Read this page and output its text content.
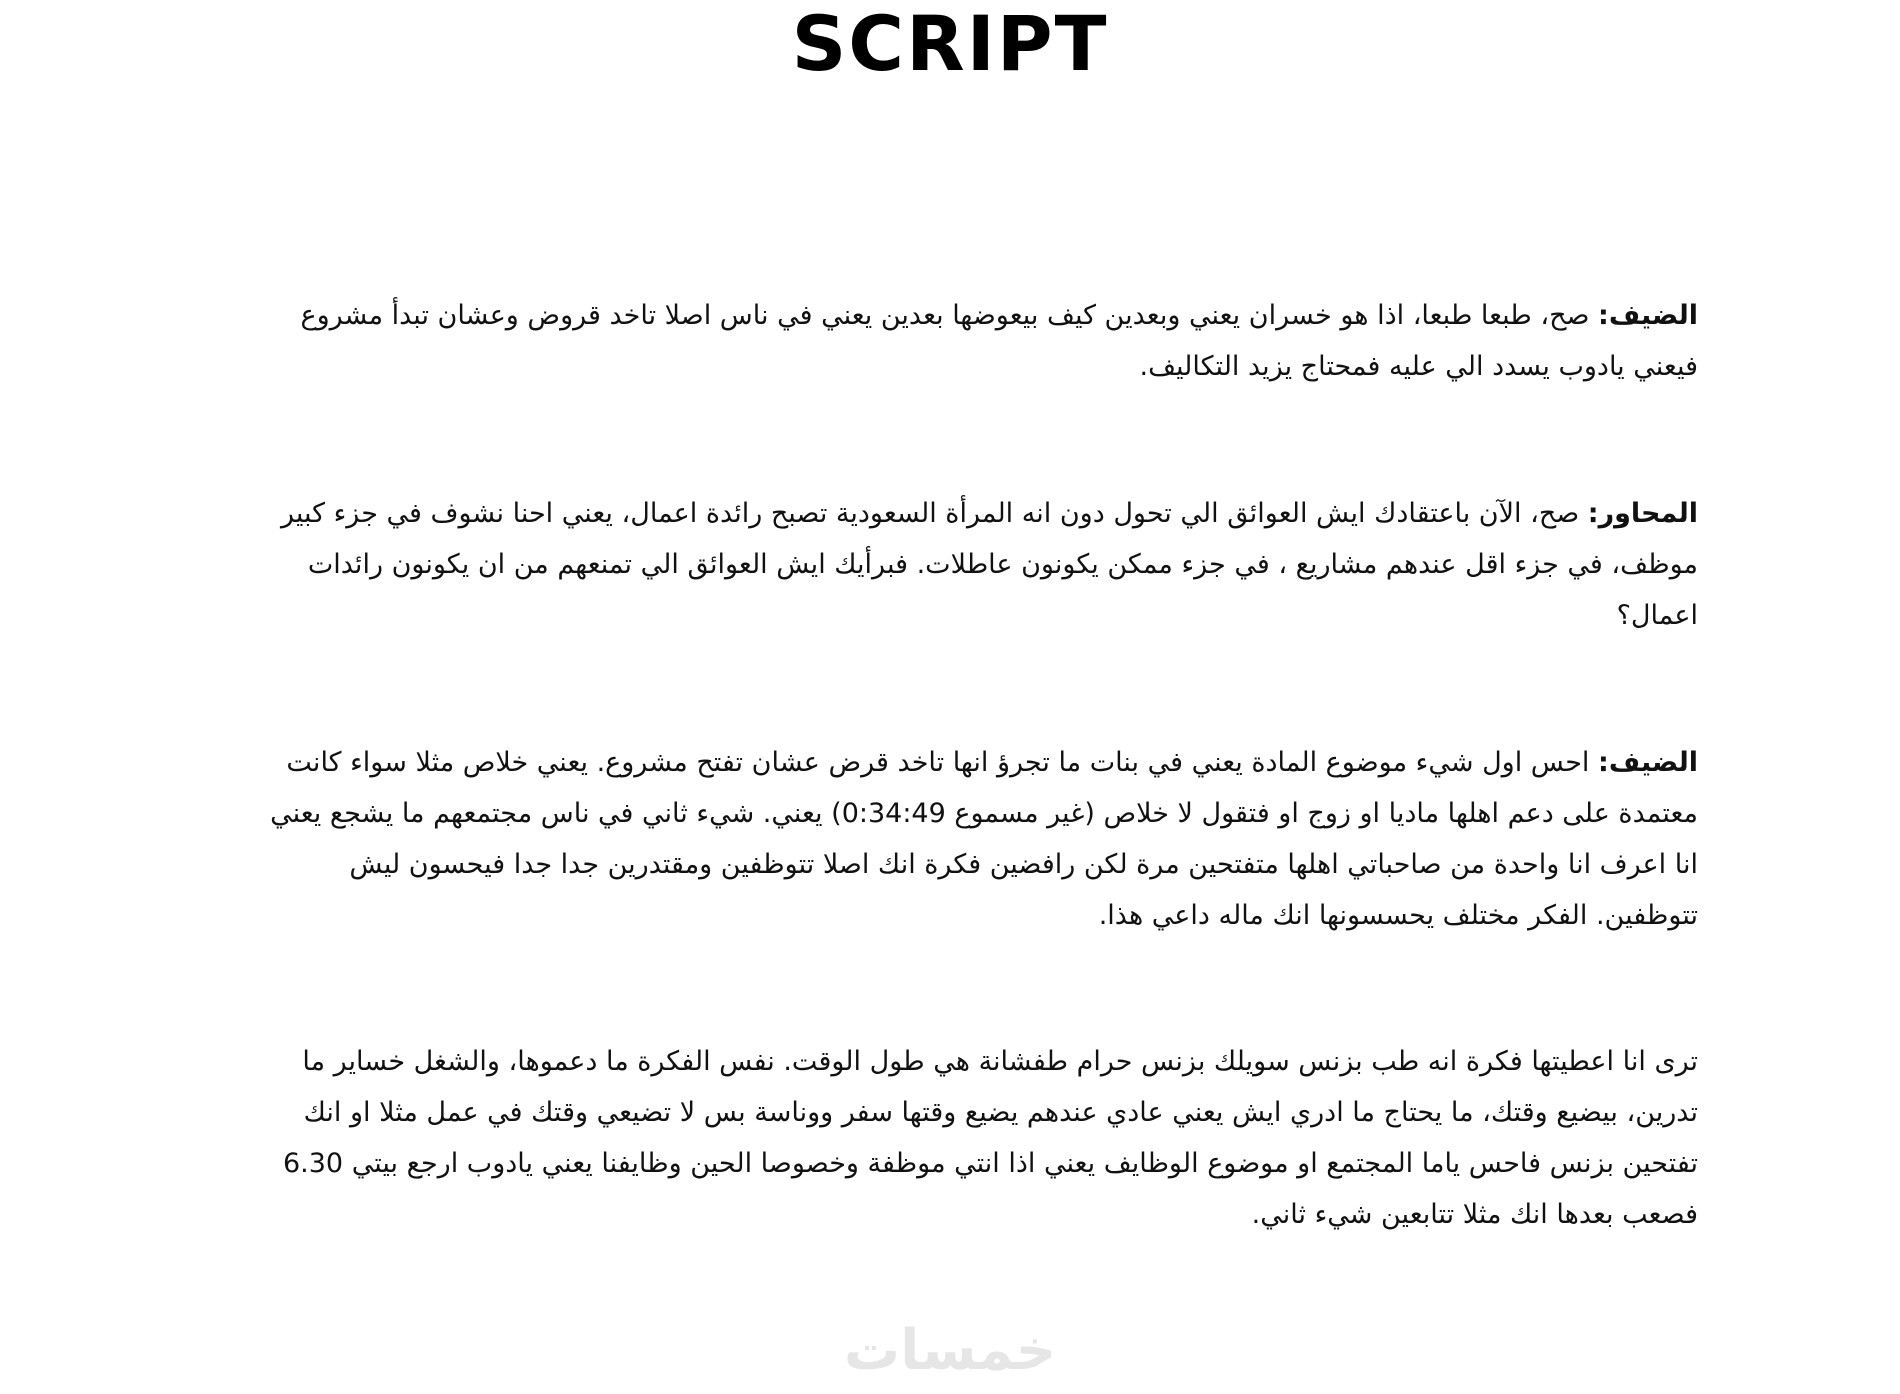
SCRIPT

الضيف: صح، طبعا طبعا، اذا هو خسران يعني وبعدين كيف بيعوضها بعدين يعني في ناس اصلا تاخد قروض وعشان تبدأ مشروع فيعني يادوب يسدد الي عليه فمحتاج يزيد التكاليف.

المحاور: صح، الآن باعتقادك ايش العوائق الي تحول دون انه المرأة السعودية تصبح رائدة اعمال، يعني احنا نشوف في جزء كبير موظف، في جزء اقل عندهم مشاريع ، في جزء ممكن يكونون عاطلات. فبرأيك ايش العوائق الي تمنعهم من ان يكونون رائدات اعمال؟

الضيف: احس اول شيء موضوع المادة يعني في بنات ما تجرؤ انها تاخد قرض عشان تفتح مشروع. يعني خلاص مثلا سواء كانت معتمدة على دعم اهلها ماديا او زوج او فتقول لا خلاص (غير مسموع 0:34:49) يعني. شيء ثاني في ناس مجتمعهم ما يشجع يعني انا اعرف انا واحدة من صاحباتي اهلها متفتحين مرة لكن رافضين فكرة انك اصلا تتوظفين ومقتدرين جدا جدا فيحسون ليش تتوظفين. الفكر مختلف يحسسونها انك ماله داعي هذا.

ترى انا اعطيتها فكرة انه طب بزنس سويلك بزنس حرام طفشانة هي طول الوقت. نفس الفكرة ما دعموها، والشغل خساير ما تدرين، بيضيع وقتك، ما يحتاج ما ادري ايش يعني عادي عندهم يضيع وقتها سفر ووناسة بس لا تضيعي وقتك في عمل مثلا او انك تفتحين بزنس فاحس ياما المجتمع او موضوع الوظايف يعني اذا انتي موظفة وخصوصا الحين وظايفنا يعني يادوب ارجع بيتي 6.30 فصعب بعدها انك مثلا تتابعين شيء ثاني.

خمسات
